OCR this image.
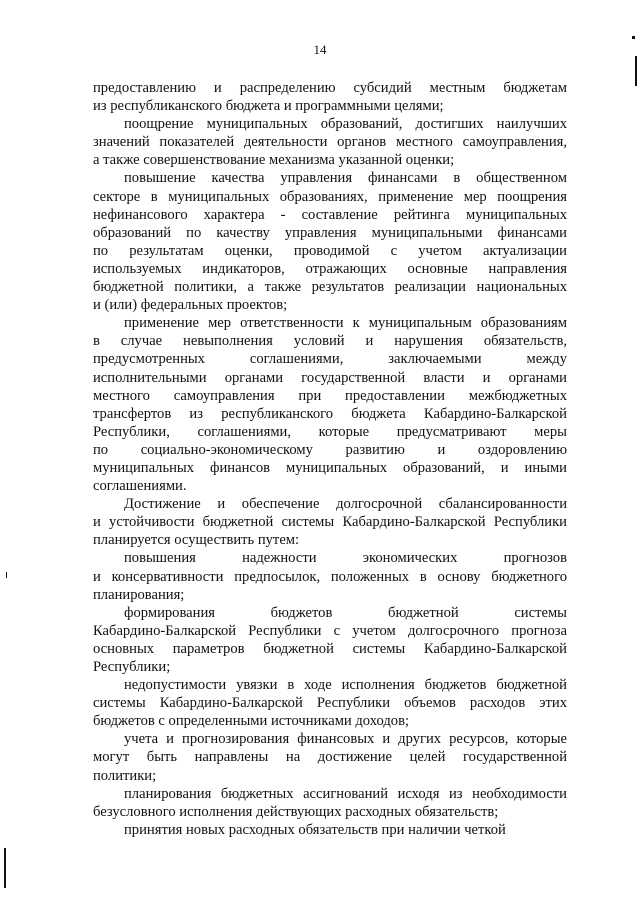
14
предоставлению и распределению субсидий местным бюджетам
из республиканского бюджета и программными целями;
поощрение муниципальных образований, достигших наилучших
значений показателей деятельности органов местного самоуправления,
а также совершенствование механизма указанной оценки;
повышение качества управления финансами в общественном
секторе в муниципальных образованиях, применение мер поощрения
нефинансового характера - составление рейтинга муниципальных
образований по качеству управления муниципальными финансами
по результатам оценки, проводимой с учетом актуализации
используемых индикаторов, отражающих основные направления
бюджетной политики, а также результатов реализации национальных
и (или) федеральных проектов;
применение мер ответственности к муниципальным образованиям
в случае невыполнения условий и нарушения обязательств,
предусмотренных соглашениями, заключаемыми между
исполнительными органами государственной власти и органами
местного самоуправления при предоставлении межбюджетных
трансфертов из республиканского бюджета Кабардино-Балкарской
Республики, соглашениями, которые предусматривают меры
по социально-экономическому развитию и оздоровлению
муниципальных финансов муниципальных образований, и иными
соглашениями.
Достижение и обеспечение долгосрочной сбалансированности
и устойчивости бюджетной системы Кабардино-Балкарской Республики
планируется осуществить путем:
повышения надежности экономических прогнозов
и консервативности предпосылок, положенных в основу бюджетного
планирования;
формирования бюджетов бюджетной системы
Кабардино-Балкарской Республики с учетом долгосрочного прогноза
основных параметров бюджетной системы Кабардино-Балкарской
Республики;
недопустимости увязки в ходе исполнения бюджетов бюджетной
системы Кабардино-Балкарской Республики объемов расходов этих
бюджетов с определенными источниками доходов;
учета и прогнозирования финансовых и других ресурсов, которые
могут быть направлены на достижение целей государственной
политики;
планирования бюджетных ассигнований исходя из необходимости
безусловного исполнения действующих расходных обязательств;
принятия новых расходных обязательств при наличии четкой
